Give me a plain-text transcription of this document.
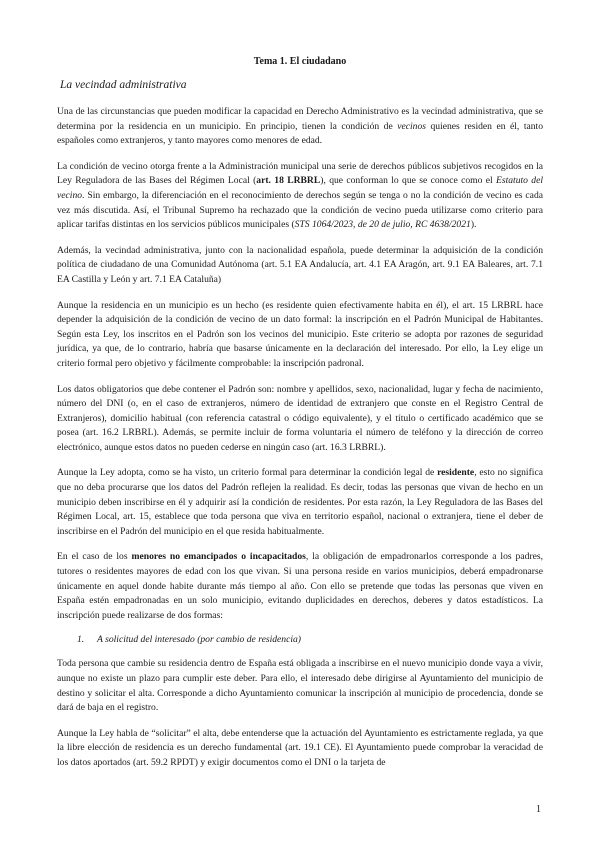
Tema 1. El ciudadano
La vecindad administrativa

Una de las circunstancias que pueden modificar la capacidad en Derecho Administrativo es la vecindad administrativa, que se determina por la residencia en un municipio. En principio, tienen la condición de vecinos quienes residen en él, tanto españoles como extranjeros, y tanto mayores como menores de edad.

La condición de vecino otorga frente a la Administración municipal una serie de derechos públicos subjetivos recogidos en la Ley Reguladora de las Bases del Régimen Local (art. 18 LRBRL), que conforman lo que se conoce como el Estatuto del vecino. Sin embargo, la diferenciación en el reconocimiento de derechos según se tenga o no la condición de vecino es cada vez más discutida. Así, el Tribunal Supremo ha rechazado que la condición de vecino pueda utilizarse como criterio para aplicar tarifas distintas en los servicios públicos municipales (STS 1064/2023, de 20 de julio, RC 4638/2021).

Además, la vecindad administrativa, junto con la nacionalidad española, puede determinar la adquisición de la condición política de ciudadano de una Comunidad Autónoma (art. 5.1 EA Andalucía, art. 4.1 EA Aragón, art. 9.1 EA Baleares, art. 7.1 EA Castilla y León y art. 7.1 EA Cataluña)

Aunque la residencia en un municipio es un hecho (es residente quien efectivamente habita en él), el art. 15 LRBRL hace depender la adquisición de la condición de vecino de un dato formal: la inscripción en el Padrón Municipal de Habitantes. Según esta Ley, los inscritos en el Padrón son los vecinos del municipio. Este criterio se adopta por razones de seguridad jurídica, ya que, de lo contrario, habría que basarse únicamente en la declaración del interesado. Por ello, la Ley elige un criterio formal pero objetivo y fácilmente comprobable: la inscripción padronal.

Los datos obligatorios que debe contener el Padrón son: nombre y apellidos, sexo, nacionalidad, lugar y fecha de nacimiento, número del DNI (o, en el caso de extranjeros, número de identidad de extranjero que conste en el Registro Central de Extranjeros), domicilio habitual (con referencia catastral o código equivalente), y el título o certificado académico que se posea (art. 16.2 LRBRL). Además, se permite incluir de forma voluntaria el número de teléfono y la dirección de correo electrónico, aunque estos datos no pueden cederse en ningún caso (art. 16.3 LRBRL).

Aunque la Ley adopta, como se ha visto, un criterio formal para determinar la condición legal de residente, esto no significa que no deba procurarse que los datos del Padrón reflejen la realidad. Es decir, todas las personas que vivan de hecho en un municipio deben inscribirse en él y adquirir así la condición de residentes. Por esta razón, la Ley Reguladora de las Bases del Régimen Local, art. 15, establece que toda persona que viva en territorio español, nacional o extranjera, tiene el deber de inscribirse en el Padrón del municipio en el que resida habitualmente.

En el caso de los menores no emancipados o incapacitados, la obligación de empadronarlos corresponde a los padres, tutores o residentes mayores de edad con los que vivan. Si una persona reside en varios municipios, deberá empadronarse únicamente en aquel donde habite durante más tiempo al año. Con ello se pretende que todas las personas que viven en España estén empadronadas en un solo municipio, evitando duplicidades en derechos, deberes y datos estadísticos. La inscripción puede realizarse de dos formas:

1. A solicitud del interesado (por cambio de residencia)

Toda persona que cambie su residencia dentro de España está obligada a inscribirse en el nuevo municipio donde vaya a vivir, aunque no existe un plazo para cumplir este deber. Para ello, el interesado debe dirigirse al Ayuntamiento del municipio de destino y solicitar el alta. Corresponde a dicho Ayuntamiento comunicar la inscripción al municipio de procedencia, donde se dará de baja en el registro.

Aunque la Ley habla de “solicitar” el alta, debe entenderse que la actuación del Ayuntamiento es estrictamente reglada, ya que la libre elección de residencia es un derecho fundamental (art. 19.1 CE). El Ayuntamiento puede comprobar la veracidad de los datos aportados (art. 59.2 RPDT) y exigir documentos como el DNI o la tarjeta de

1
